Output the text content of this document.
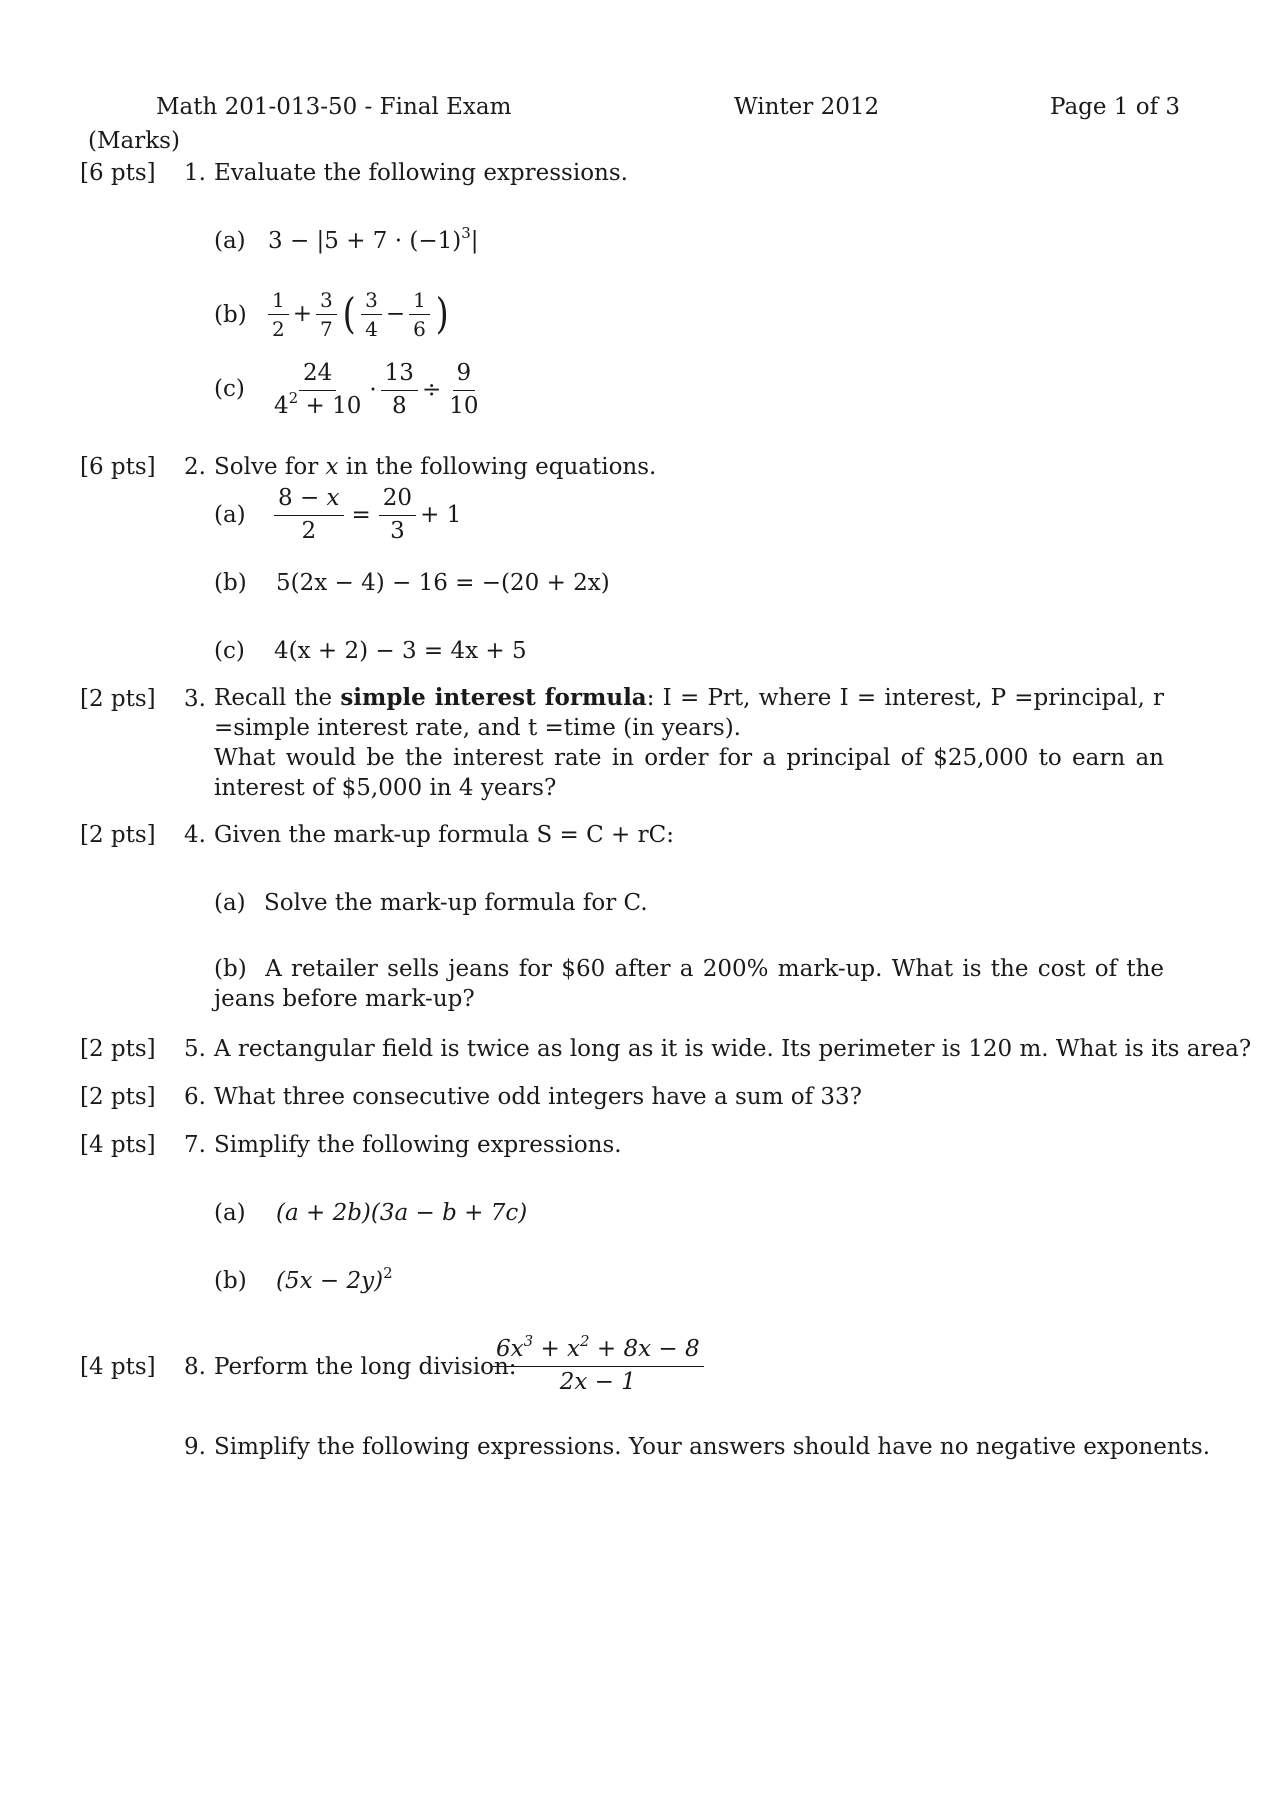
Math 201-013-50 - Final Exam	Winter 2012	Page 1 of 3
(Marks)
[6 pts] 1. Evaluate the following expressions.
(a) $3 - |5 + 7 \cdot (-1)^3|$
$(b) \frac{1}{2} + \frac{3}{7}$ ( $\frac{3}{4} - \frac{1}{6}$ )
$(c) \frac{24}{4^2 + 10} \cdot \frac{13}{8} \div \frac{9}{10}$
[6 pts] 2. Solve for x in the following equations.
$(a) \frac{8 - x}{2} = \frac{20}{3} + 1$
(b) 5(2x − 4) − 16 = −(20 + 2x)
(c) 4(x + 2) − 3 = 4x + 5
[2 pts] 3. Recall the simple interest formula: I = Prt, where I = interest, P =principal, r =simple interest rate, and t =time (in years).
What would be the interest rate in order for a principal of $25,000 to earn an interest of $5,000 in 4 years?
[2 pts] 4. Given the mark-up formula S = C + rC:
(a) Solve the mark-up formula for C.
(b) A retailer sells jeans for $60 after a 200% mark-up. What is the cost of the jeans before mark-up?
[2 pts] 5. A rectangular field is twice as long as it is wide. Its perimeter is 120 m. What is its area?
[2 pts] 6. What three consecutive odd integers have a sum of 33?
[4 pts] 7. Simplify the following expressions.
(a) (a + 2b)(3a − b + 7c)
(b) $(5x - 2y)^2$
[4 pts] 8. Perform the long division:
$\frac{6x^3 + x^2 + 8x - 8}{2x - 1}$
9. Simplify the following expressions. Your answers should have no negative exponents.
